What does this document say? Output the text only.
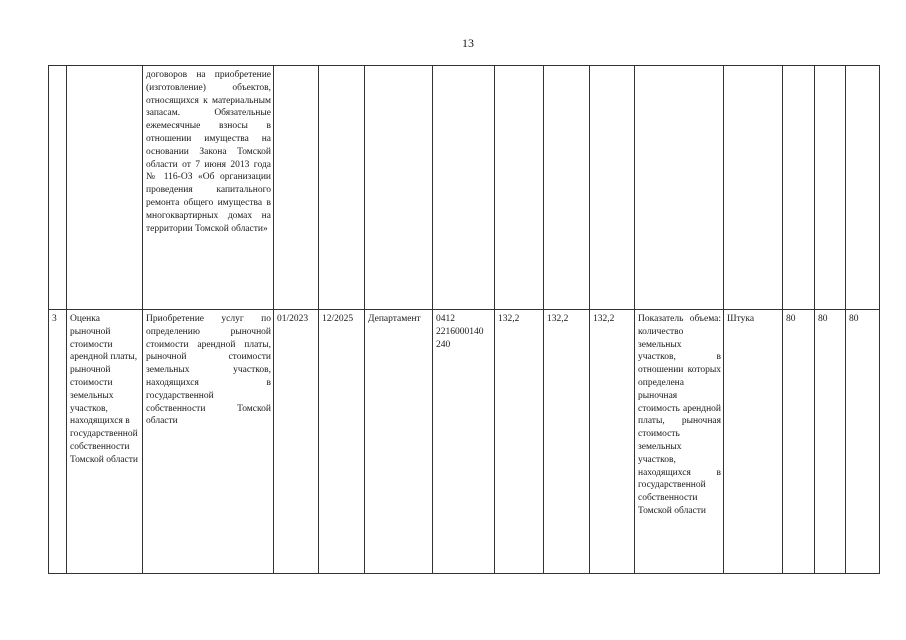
13
		договоров на приобретение (изготовление) объектов, относящихся к материальным запасам. Обязательные ежемесячные взносы в отношении имущества на основании Закона Томской области от 7 июня 2013 года № 116-ОЗ «Об организации проведения капитального ремонта общего имущества в многоквартирных домах на территории Томской области»												
3	Оценка рыночной стоимости арендной платы, рыночной стоимости земельных участков, находящихся в государственной собственности Томской области	Приобретение услуг по определению рыночной стоимости арендной платы, рыночной стоимости земельных участков, находящихся в государственной собственности Томской области	01/2023	12/2025	Департамент	0412 2216000140 240	132,2	132,2	132,2	Показатель объема: количество земельных участков, в отношении которых определена рыночная стоимость арендной платы, рыночная стоимость земельных участков, находящихся в государственной собственности Томской области	Штука	80	80	80
